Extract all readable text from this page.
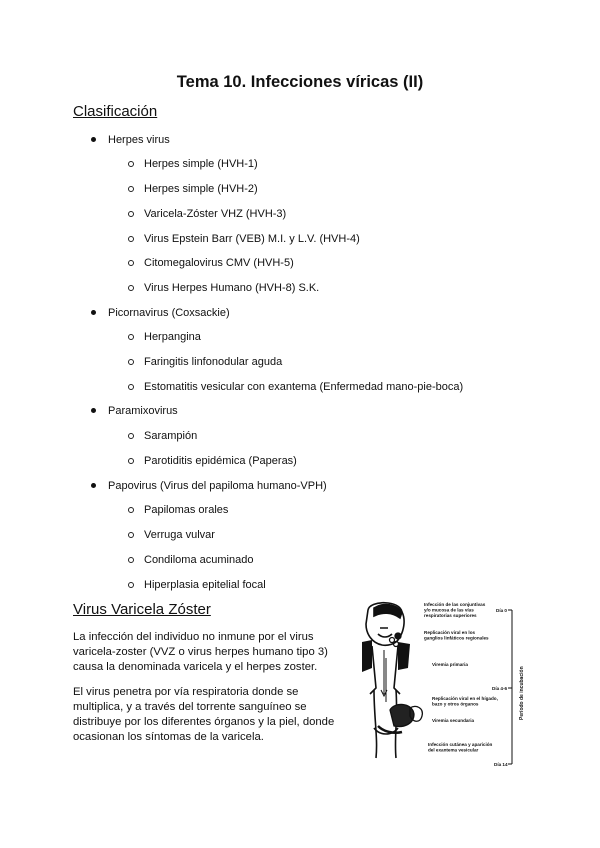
Tema 10. Infecciones víricas (II)
Clasificación
Herpes virus
Herpes simple (HVH-1)
Herpes simple (HVH-2)
Varicela-Zóster VHZ (HVH-3)
Virus Epstein Barr (VEB) M.I. y L.V. (HVH-4)
Citomegalovirus CMV (HVH-5)
Virus Herpes Humano (HVH-8) S.K.
Picornavirus (Coxsackie)
Herpangina
Faringitis linfonodular aguda
Estomatitis vesicular con exantema (Enfermedad mano-pie-boca)
Paramixovirus
Sarampión
Parotiditis epidémica (Paperas)
Papovirus (Virus del papiloma humano-VPH)
Papilomas orales
Verruga vulvar
Condiloma acuminado
Hiperplasia epitelial focal
Virus Varicela Zóster

La infección del individuo no inmune por el virus varicela-zoster (VVZ o virus herpes humano tipo 3) causa la denominada varicela y el herpes zoster.

El virus penetra por vía respiratoria donde se multiplica, y a través del torrente sanguíneo se distribuye por los diferentes órganos y la piel, donde ocasionan los síntomas de la varicela.

Infección de las conjuntivas
y/o mucosa de las vías
respiratorias superiores
Replicación viral en los
ganglios linfáticos regionales
Viremia primaria
Replicación viral en el hígado,
bazo y otros órganos
Viremia secundaria
Infección cutánea y aparición
del exantema vesicular
Día 0
Día 4-6
Día 14
Período de incubación
